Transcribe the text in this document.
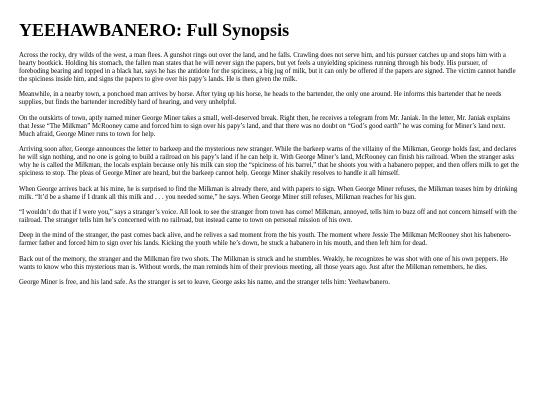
YEEHAWBANERO: Full Synopsis

Across the rocky, dry wilds of the west, a man flees. A gunshot rings out over the land, and he falls. Crawling does not serve him, and his pursuer catches up and stops him with a hearty bootkick. Holding his stomach, the fallen man states that he will never sign the papers, but yet feels a unyielding spiciness running through his body. His pursuer, of foreboding bearing and topped in a black hat, says he has the antidote for the spiciness, a big jug of milk, but it can only be offered if the papers are signed. The victim cannot handle the spiciness inside him, and signs the papers to give over his papy’s lands. He is then given the milk.

Meanwhile, in a nearby town, a ponchoed man arrives by horse. After tying up his horse, he heads to the bartender, the only one around. He informs this bartender that he needs supplies, but finds the bartender incredibly hard of hearing, and very unhelpful.

On the outskirts of town, aptly named miner George Miner takes a small, well-deserved break. Right then, he receives a telegram from Mr. Janiak. In the letter, Mr. Janiak explains that Jesse “The Milkman” McRooney came and forced him to sign over his papy’s land, and that there was no doubt on “God’s good earth” he was coming for Miner’s land next. Much afraid, George Miner runs to town for help.

Arriving soon after, George announces the letter to barkeep and the mysterious new stranger. While the barkeep warns of the villainy of the Milkman, George holds fast, and declares he will sign nothing, and no one is going to build a railroad on his papy’s land if he can help it. With George Miner’s land, McRooney can finish his railroad. When the stranger asks why he is called the Milkman, the locals explain because only his milk can stop the “spiciness of his barrel,” that he shoots you with a habanero pepper, and then offers milk to get the spiciness to stop. The pleas of George Miner are heard, but the barkeep cannot help. George Miner shakily resolves to handle it all himself.

When George arrives back at his mine, he is surprised to find the Milkman is already there, and with papers to sign. When George Miner refuses, the Milkman teases him by drinking milk. “It’d be a shame if I drank all this milk and . . . you needed some,” he says. When George Miner still refuses, Milkman reaches for his gun.

“I wouldn’t do that if I were you,” says a stranger’s voice. All look to see the stranger from town has come! Milkman, annoyed, tells him to buzz off and not concern himself with the railroad. The stranger tells him he’s concerned with no railroad, but instead came to town on personal mission of his own.

Deep in the mind of the stranger, the past comes back alive, and he relives a sad moment from the his youth. The moment where Jessie The Milkman McRooney shot his habenero-farmer father and forced him to sign over his lands. Kicking the youth while he’s down, he stuck a habanero in his mouth, and then left him for dead.

Back out of the memory, the stranger and the Milkman fire two shots. The Milkman is struck and he stumbles. Weakly, he recognizes he was shot with one of his own peppers. He wants to know who this mysterious man is. Without words, the man reminds him of their previous meeting, all those years ago. Just after the Milkman remembers, he dies.

George Miner is free, and his land safe. As the stranger is set to leave, George asks his name, and the stranger tells him: Yeehawbanero.
